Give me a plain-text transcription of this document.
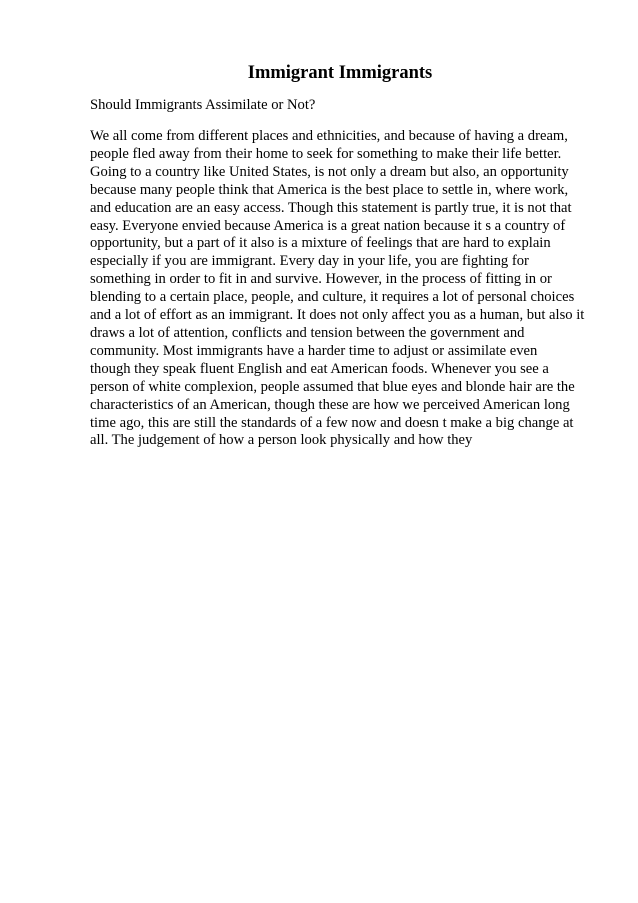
Immigrant Immigrants
Should Immigrants Assimilate or Not?
We all come from different places and ethnicities, and because of having a dream,
people fled away from their home to seek for something to make their life better.
Going to a country like United States, is not only a dream but also, an opportunity
because many people think that America is the best place to settle in, where work,
and education are an easy access. Though this statement is partly true, it is not that
easy. Everyone envied because America is a great nation because it s a country of
opportunity, but a part of it also is a mixture of feelings that are hard to explain
especially if you are immigrant. Every day in your life, you are fighting for
something in order to fit in and survive. However, in the process of fitting in or
blending to a certain place, people, and culture, it requires a lot of personal choices
and a lot of effort as an immigrant. It does not only affect you as a human, but also it
draws a lot of attention, conflicts and tension between the government and
community. Most immigrants have a harder time to adjust or assimilate even
though they speak fluent English and eat American foods. Whenever you see a
person of white complexion, people assumed that blue eyes and blonde hair are the
characteristics of an American, though these are how we perceived American long
time ago, this are still the standards of a few now and doesn t make a big change at
all. The judgement of how a person look physically and how they
